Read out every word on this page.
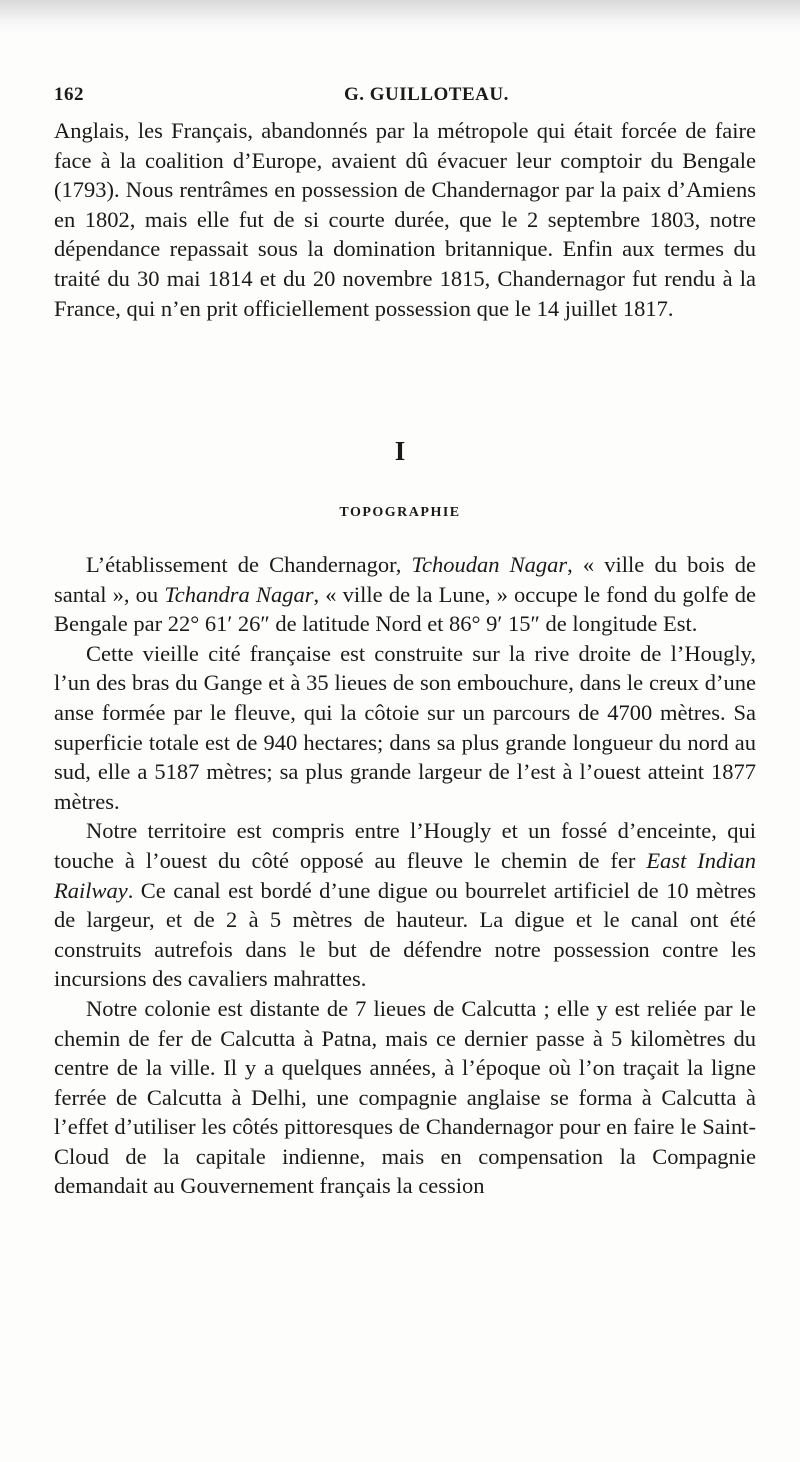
162	G. GUILLOTEAU.

Anglais, les Français, abandonnés par la métropole qui était forcée de faire face à la coalition d’Europe, avaient dû évacuer leur comptoir du Bengale (1793). Nous rentrâmes en possession de Chandernagor par la paix d’Amiens en 1802, mais elle fut de si courte durée, que le 2 septembre 1803, notre dépendance repassait sous la domination britannique. Enfin aux termes du traité du 30 mai 1814 et du 20 novembre 1815, Chandernagor fut rendu à la France, qui n’en prit officiellement possession que le 14 juillet 1817.

I
TOPOGRAPHIE

L’établissement de Chandernagor, Tchoudan Nagar, « ville du bois de santal », ou Tchandra Nagar, « ville de la Lune, » occupe le fond du golfe de Bengale par 22° 61′ 26″ de latitude Nord et 86° 9′ 15″ de longitude Est.

Cette vieille cité française est construite sur la rive droite de l’Hougly, l’un des bras du Gange et à 35 lieues de son embouchure, dans le creux d’une anse formée par le fleuve, qui la côtoie sur un parcours de 4700 mètres. Sa superficie totale est de 940 hectares; dans sa plus grande longueur du nord au sud, elle a 5187 mètres; sa plus grande largeur de l’est à l’ouest atteint 1877 mètres.

Notre territoire est compris entre l’Hougly et un fossé d’enceinte, qui touche à l’ouest du côté opposé au fleuve le chemin de fer East Indian Railway. Ce canal est bordé d’une digue ou bourrelet artificiel de 10 mètres de largeur, et de 2 à 5 mètres de hauteur. La digue et le canal ont été construits autrefois dans le but de défendre notre possession contre les incursions des cavaliers mahrattes.

Notre colonie est distante de 7 lieues de Calcutta ; elle y est reliée par le chemin de fer de Calcutta à Patna, mais ce dernier passe à 5 kilomètres du centre de la ville. Il y a quelques années, à l’époque où l’on traçait la ligne ferrée de Calcutta à Delhi, une compagnie anglaise se forma à Calcutta à l’effet d’utiliser les côtés pittoresques de Chandernagor pour en faire le Saint-Cloud de la capitale indienne, mais en compensation la Compagnie demandait au Gouvernement français la cession
